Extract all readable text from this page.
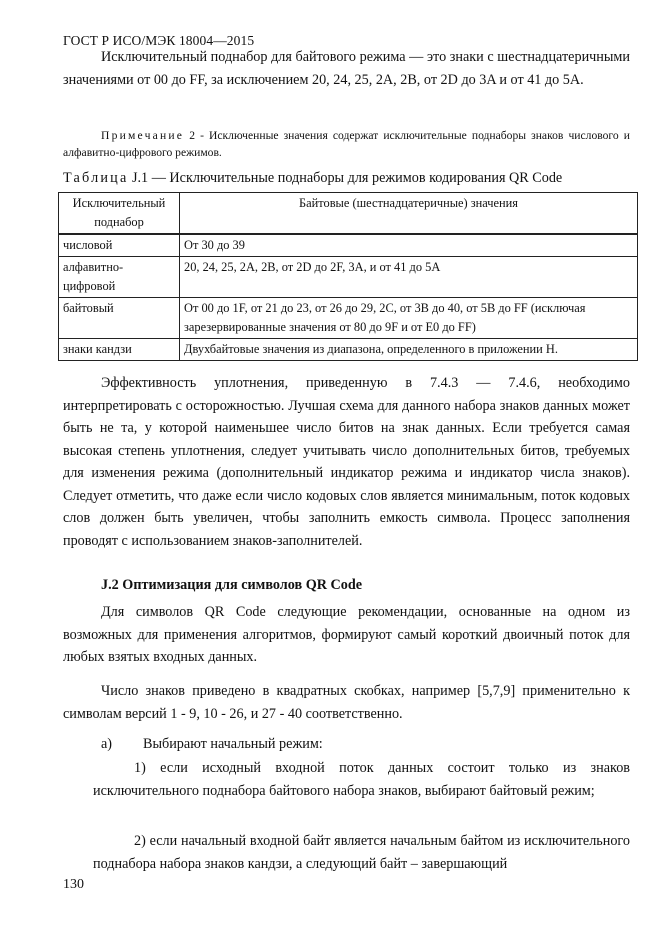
ГОСТ Р ИСО/МЭК 18004—2015

Исключительный поднабор для байтового режима — это знаки с шестнадцатеричными значениями от 00 до FF, за исключением 20, 24, 25, 2A, 2B, от 2D до 3A и от 41 до 5A.

Примечание 2 - Исключенные значения содержат исключительные поднаборы знаков числового и алфавитно-цифрового режимов.

Таблица J.1 — Исключительные поднаборы для режимов кодирования QR Code
Исключительный поднабор	Байтовые (шестнадцатеричные) значения
числовой	От 30 до 39
алфавитно-цифровой	20, 24, 25, 2A, 2B, от 2D до 2F, 3A, и от 41 до 5A
байтовый	От 00 до 1F, от 21 до 23, от 26 до 29, 2C, от 3B до 40, от 5B до FF (исключая зарезервированные значения от 80 до 9F и от E0 до FF)
знаки кандзи	Двухбайтовые значения из диапазона, определенного в приложении H.

Эффективность уплотнения, приведенную в 7.4.3 — 7.4.6, необходимо интерпретировать с осторожностью. Лучшая схема для данного набора знаков данных может быть не та, у которой наименьшее число битов на знак данных. Если требуется самая высокая степень уплотнения, следует учитывать число дополнительных битов, требуемых для изменения режима (дополнительный индикатор режима и индикатор числа знаков). Следует отметить, что даже если число кодовых слов является минимальным, поток кодовых слов должен быть увеличен, чтобы заполнить емкость символа. Процесс заполнения проводят с использованием знаков-заполнителей.

J.2 Оптимизация для символов QR Code

Для символов QR Code следующие рекомендации, основанные на одном из возможных для применения алгоритмов, формируют самый короткий двоичный поток для любых взятых входных данных.

Число знаков приведено в квадратных скобках, например [5,7,9] применительно к символам версий 1 - 9, 10 - 26, и 27 - 40 соответственно.

а) Выбирают начальный режим:

1) если исходный входной поток данных состоит только из знаков исключительного поднабора байтового набора знаков, выбирают байтовый режим;

2) если начальный входной байт является начальным байтом из исключительного поднабора набора знаков кандзи, а следующий байт – завершающий

130
